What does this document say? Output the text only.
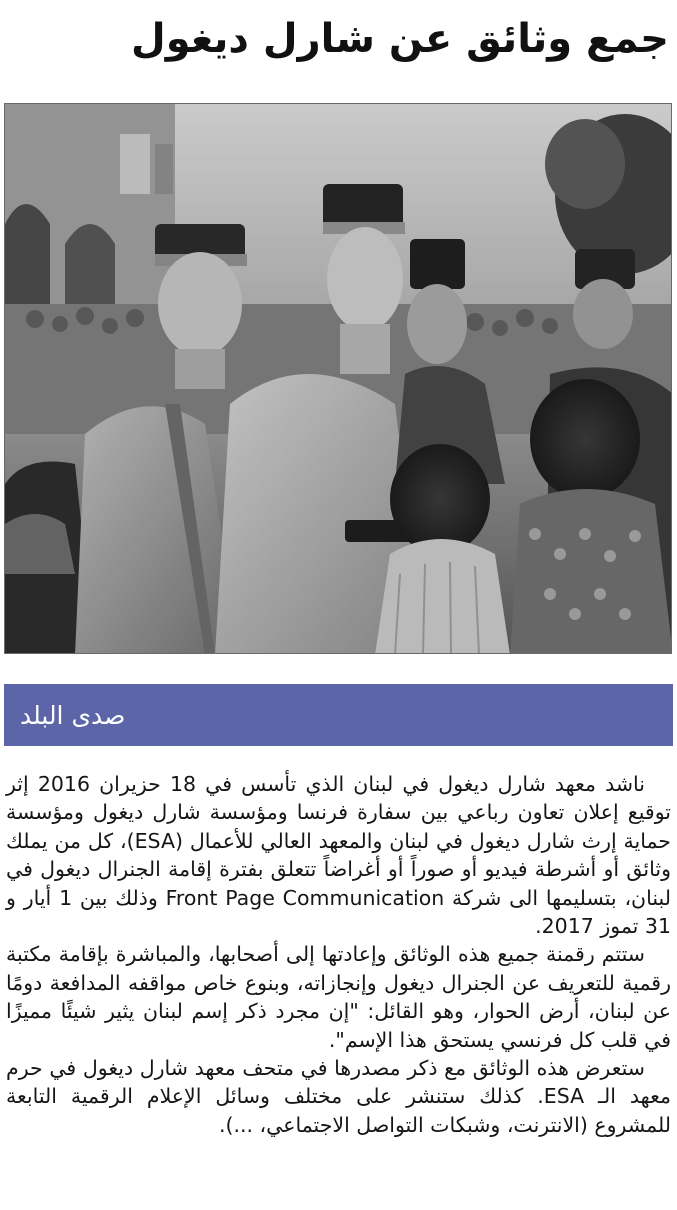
جمع وثائق عن شارل ديغول
صدى البلد

ناشد معهد شارل ديغول في لبنان الذي تأسس في 18 حزيران 2016 إثر توقيع إعلان تعاون رباعي بين سفارة فرنسا ومؤسسة شارل ديغول ومؤسسة حماية إرث شارل ديغول في لبنان والمعهد العالي للأعمال (ESA)، كل من يملك وثائق أو أشرطة فيديو أو صوراً أو أغراضاً تتعلق بفترة إقامة الجنرال ديغول في لبنان، بتسليمها الى شركة Front Page Communication وذلك بين 1 أيار و 31 تموز 2017.

ستتم رقمنة جميع هذه الوثائق وإعادتها إلى أصحابها، والمباشرة بإقامة مكتبة رقمية للتعريف عن الجنرال ديغول وإنجازاته، وبنوع خاص مواقفه المدافعة دومًا عن لبنان، أرض الحوار، وهو القائل: "إن مجرد ذكر إسم لبنان يثير شيئًا مميزًا في قلب كل فرنسي يستحق هذا الإسم".

ستعرض هذه الوثائق مع ذكر مصدرها في متحف معهد شارل ديغول في حرم معهد الـ ESA. كذلك ستنشر على مختلف وسائل الإعلام الرقمية التابعة للمشروع (الانترنت، وشبكات التواصل الاجتماعي، ...).
